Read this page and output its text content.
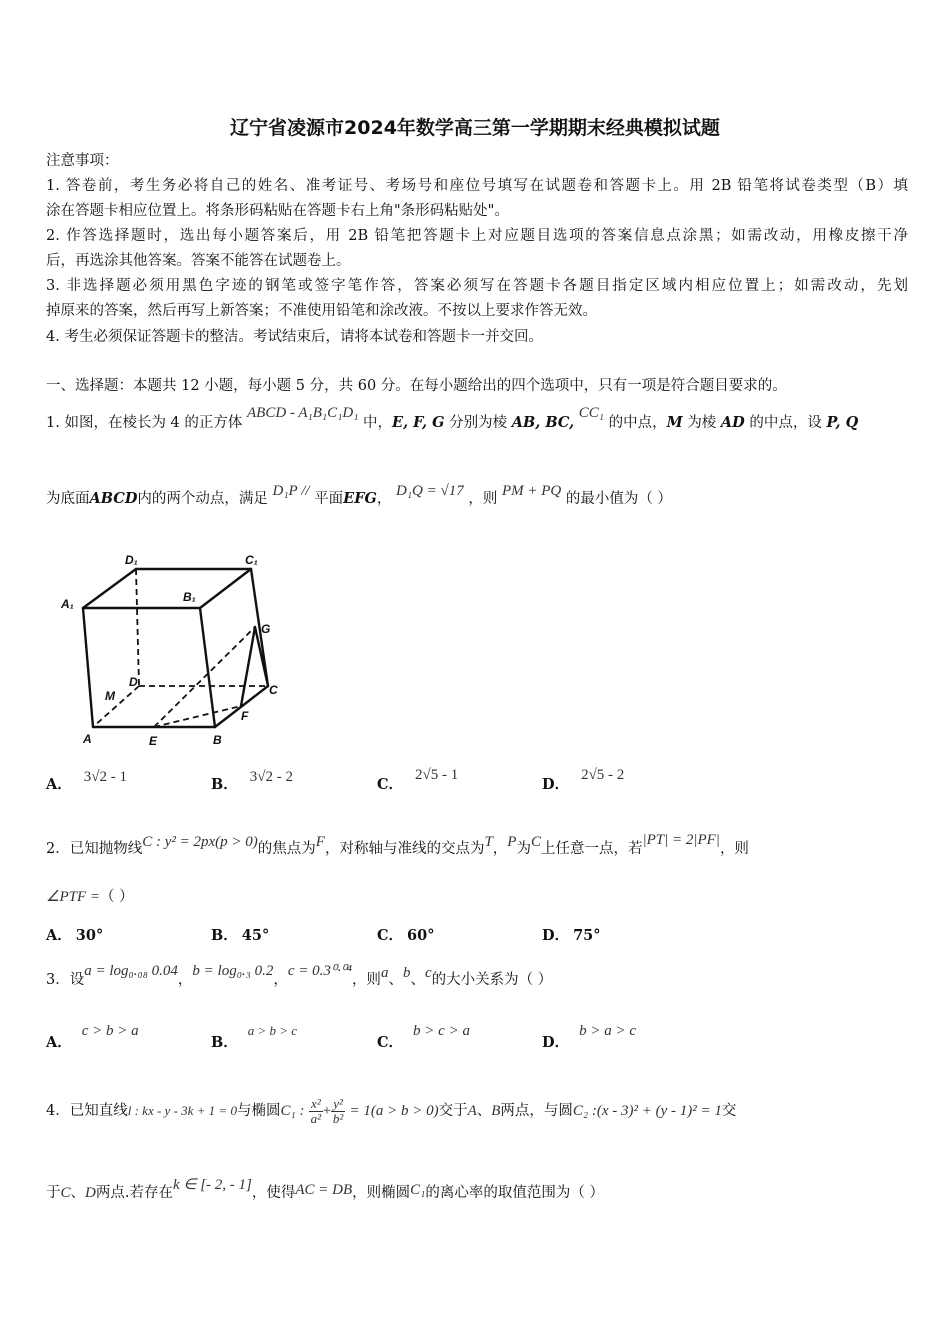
辽宁省凌源市2024年数学高三第一学期期末经典模拟试题
注意事项：
1. 答卷前，考生务必将自己的姓名、准考证号、考场号和座位号填写在试题卷和答题卡上。用 2B 铅笔将试卷类型（B）填
涂在答题卡相应位置上。将条形码粘贴在答题卡右上角"条形码粘贴处"。
2. 作答选择题时，选出每小题答案后，用 2B 铅笔把答题卡上对应题目选项的答案信息点涂黑；如需改动，用橡皮擦干净
后，再选涂其他答案。答案不能答在试题卷上。
3. 非选择题必须用黑色字迹的钢笔或签字笔作答，答案必须写在答题卡各题目指定区域内相应位置上；如需改动，先划
掉原来的答案，然后再写上新答案；不准使用铅笔和涂改液。不按以上要求作答无效。
4. 考生必须保证答题卡的整洁。考试结束后，请将本试卷和答题卡一并交回。
一、选择题：本题共 12 小题，每小题 5 分，共 60 分。在每小题给出的四个选项中，只有一项是符合题目要求的。
1. 如图，在棱长为 4 的正方体 ABCD - A₁B₁C₁D₁ 中，E, F, G 分别为棱 AB, BC, CC₁ 的中点，M 为棱 AD 的中点，设 P, Q
为底面ABCD内的两个动点，满足 D₁P // 平面EFG， D₁Q = √17 ，则 PM + PQ 的最小值为（ ）
D₁	C₁
A₁	B₁
G
D
M	C
F
A	E	B
A． 3√2 - 1	B． 3√2 - 2	C．2√5 - 1
D．2√5 - 2
2．已知抛物线C : y² = 2px(p > 0)的焦点为F，对称轴与准线的交点为T，P为C上任意一点，若|PT| = 2|PF|，则
∠PTF =（ ）
A． 30°	B． 45°	C． 60°	D． 75°
3．设a = log₀.₀₈ 0.04，b = log₀.₃ 0.2，c = 0.3⁰·⁰⁴，则a、b、c的大小关系为（ ）
A．c > b > a
B．a > b > c
C．b > c > a
D．b > a > c
4．已知直线l : kx - y - 3k + 1 = 0与椭圆C₁ : $\frac{\text{x²}}{\text{a²}} + \frac{\text{y²}}{\text{b²}} = 1(a > b > 0)$交于A、B两点，与圆C₂ :(x - 3)² + (y - 1)² = 1交
于C、D两点.若存在k ∈ [- 2, - 1]，使得AC = DB，则椭圆C₁的离心率的取值范围为（ ）
